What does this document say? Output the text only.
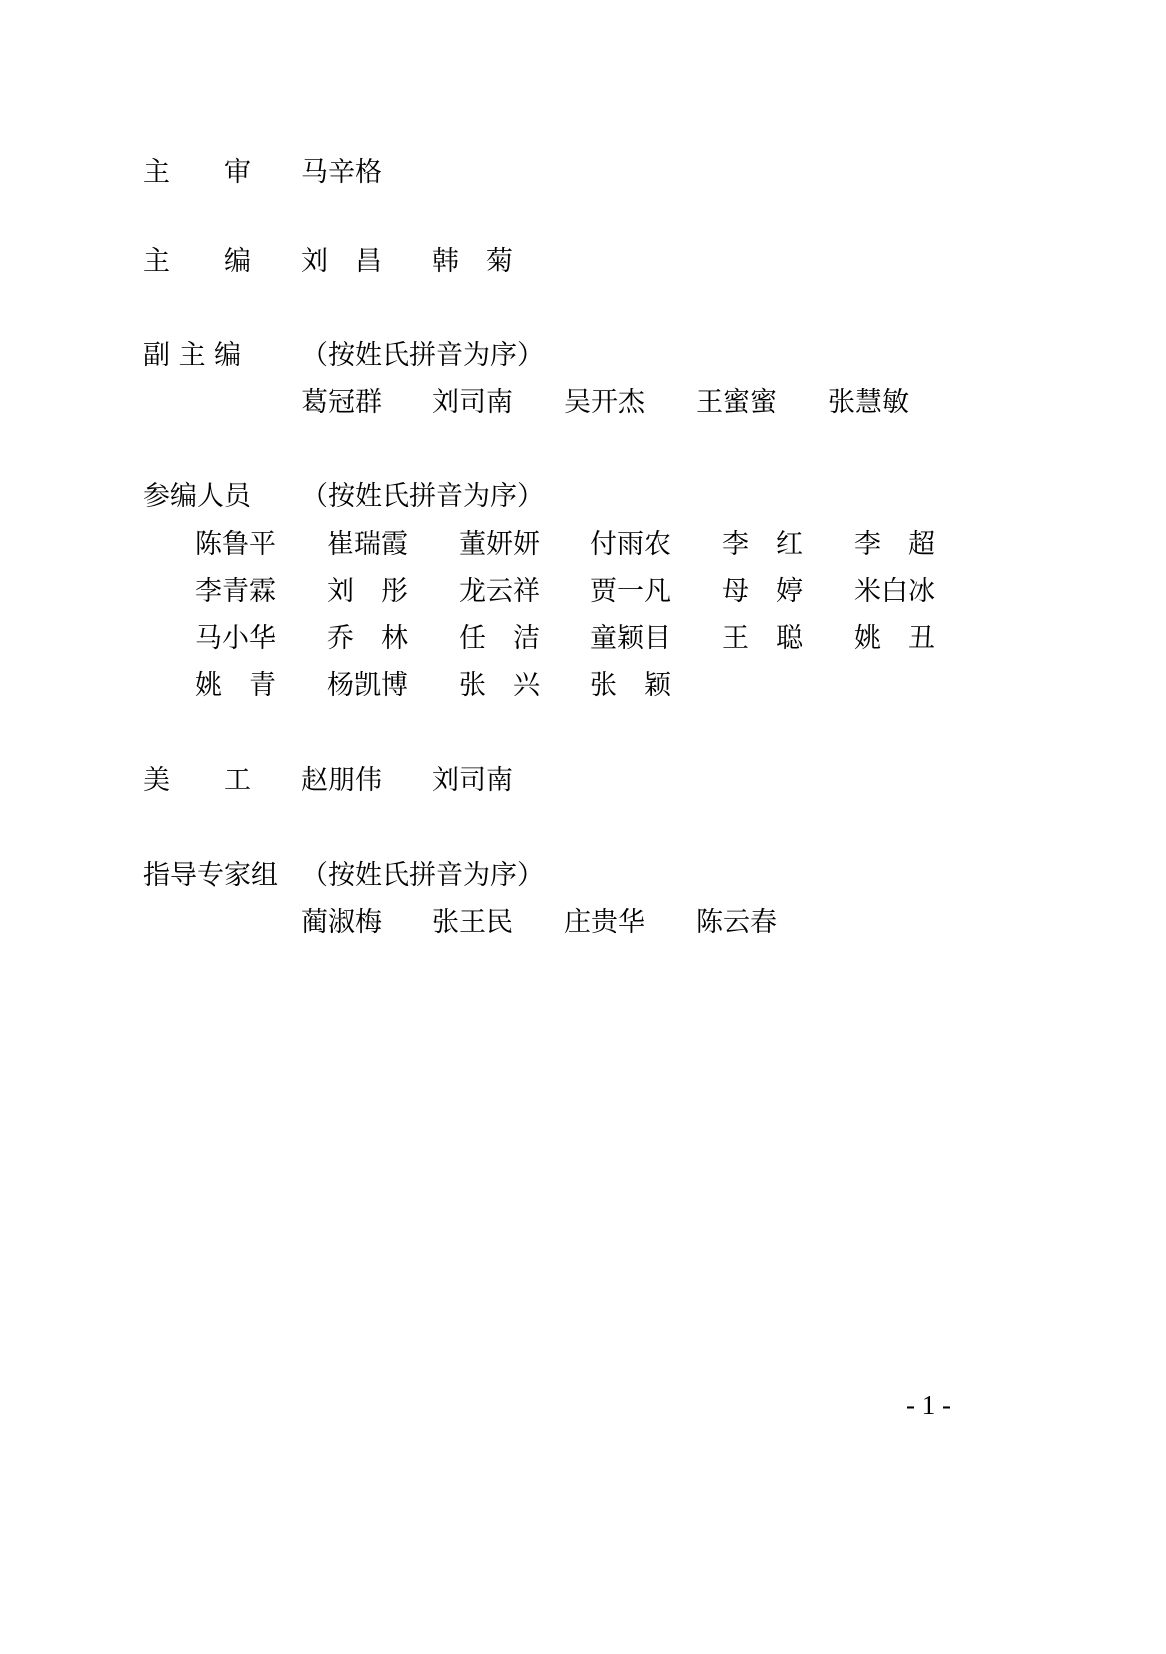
主　　审 马辛格
主　　编 刘　昌 韩　菊
副 主 编 （按姓氏拼音为序）
葛冠群 刘司南 吴开杰 王蜜蜜 张慧敏
参编人员 （按姓氏拼音为序）
陈鲁平 崔瑞霞 董妍妍 付雨农 李　红 李　超
李青霖 刘　彤 龙云祥 贾一凡 母　婷 米白冰
马小华 乔　林 任　洁 童颖目 王　聪 姚　丑
姚　青 杨凯博 张　兴 张　颖
美　　工 赵朋伟 刘司南
指导专家组 （按姓氏拼音为序）
蔺淑梅 张王民 庄贵华 陈云春
- 1 -
